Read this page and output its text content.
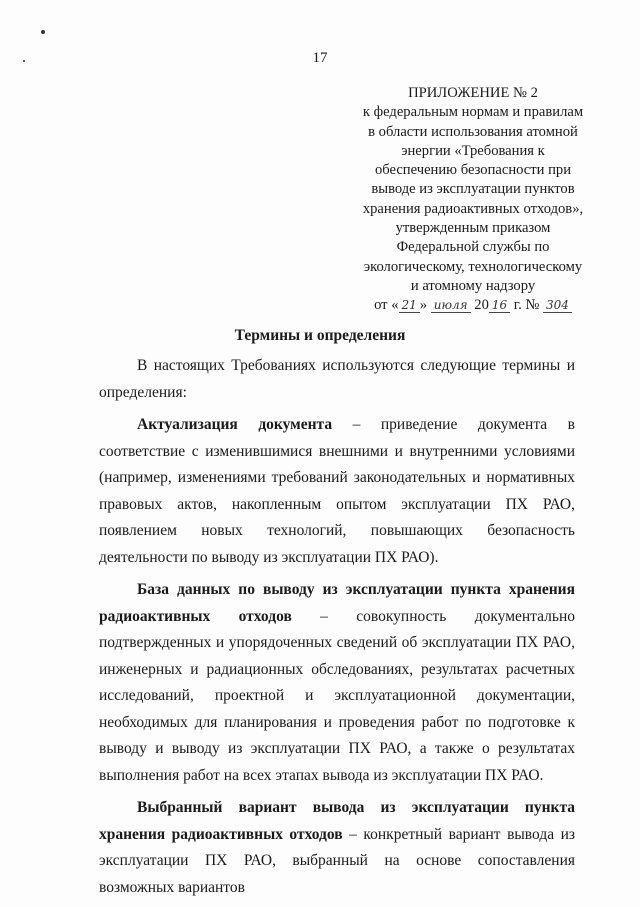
17
ПРИЛОЖЕНИЕ № 2
к федеральным нормам и правилам
в области использования атомной
энергии «Требования к
обеспечению безопасности при
выводе из эксплуатации пунктов
хранения радиоактивных отходов»,
утвержденным приказом
Федеральной службы по
экологическому, технологическому
и атомному надзору
от « 21 » июля 20 16 г. № 304
Термины и определения

В настоящих Требованиях используются следующие термины и определения:

Актуализация документа – приведение документа в соответствие с изменившимися внешними и внутренними условиями (например, изменениями требований законодательных и нормативных правовых актов, накопленным опытом эксплуатации ПХ РАО, появлением новых технологий, повышающих безопасность деятельности по выводу из эксплуатации ПХ РАО).

База данных по выводу из эксплуатации пункта хранения радиоактивных отходов – совокупность документально подтвержденных и упорядоченных сведений об эксплуатации ПХ РАО, инженерных и радиационных обследованиях, результатах расчетных исследований, проектной и эксплуатационной документации, необходимых для планирования и проведения работ по подготовке к выводу и выводу из эксплуатации ПХ РАО, а также о результатах выполнения работ на всех этапах вывода из эксплуатации ПХ РАО.

Выбранный вариант вывода из эксплуатации пункта хранения радиоактивных отходов – конкретный вариант вывода из эксплуатации ПХ РАО, выбранный на основе сопоставления возможных вариантов
